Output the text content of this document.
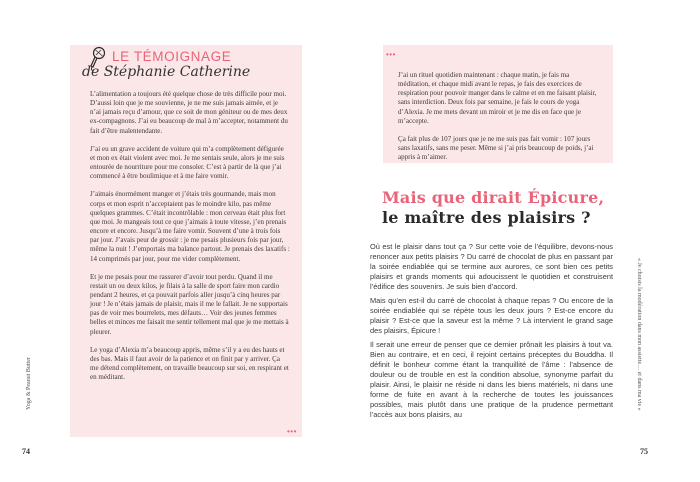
LE TÉMOIGNAGE
de Stéphanie Catherine

L’alimentation a toujours été quelque chose de très difficile pour moi. D’aussi loin que je me souvienne, je ne me suis jamais aimée, et je n’ai jamais reçu d’amour, que ce soit de mon géniteur ou de mes deux ex-compagnons. J’ai eu beaucoup de mal à m’accepter, notamment du fait d’être malentendante.

J’ai eu un grave accident de voiture qui m’a complètement défigurée et mon ex était violent avec moi. Je me sentais seule, alors je me suis entourée de nourriture pour me consoler. C’est à partir de là que j’ai commencé à être boulimique et à me faire vomir.

J’aimais énormément manger et j’étais très gourmande, mais mon corps et mon esprit n’acceptaient pas le moindre kilo, pas même quelques grammes. C’était incontrôlable : mon cerveau était plus fort que moi. Je mangeais tout ce que j’aimais à toute vitesse, j’en prenais encore et encore. Jusqu’à me faire vomir. Souvent d’une à trois fois par jour. J’avais peur de grossir : je me pesais plusieurs fois par jour, même la nuit ! J’emportais ma balance partout. Je prenais des laxatifs : 14 comprimés par jour, pour me vider complètement.

Et je me pesais pour me rassurer d’avoir tout perdu. Quand il me restait un ou deux kilos, je filais à la salle de sport faire mon cardio pendant 2 heures, et ça pouvait parfois aller jusqu’à cinq heures par jour ! Je n’étais jamais de plaisir, mais il me le fallait. Je ne supportais pas de voir mes bourrelets, mes défauts… Voir des jeunes femmes belles et minces me faisait me sentir tellement mal que je me mettais à pleurer.

Le yoga d’Alexia m’a beaucoup appris, même s’il y a eu des hauts et des bas. Mais il faut avoir de la patience et on finit par y arriver. Ça me détend complètement, on travaille beaucoup sur soi, en respirant et en méditant.

•••
Yoga & Peanut Butter
74
•••

J’ai un rituel quotidien maintenant : chaque matin, je fais ma méditation, et chaque midi avant le repas, je fais des exercices de respiration pour pouvoir manger dans le calme et en me faisant plaisir, sans interdiction. Deux fois par semaine, je fais le cours de yoga d’Alexia. Je me mets devant un miroir et je me dis en face que je m’accepte.

Ça fait plus de 107 jours que je ne me suis pas fait vomir : 107 jours sans laxatifs, sans me peser. Même si j’ai pris beaucoup de poids, j’ai appris à m’aimer.

Mais que dirait Épicure,
le maître des plaisirs ?

Où est le plaisir dans tout ça ? Sur cette voie de l’équilibre, devons-nous renoncer aux petits plaisirs ? Du carré de chocolat de plus en passant par la soirée endiablée qui se termine aux aurores, ce sont bien ces petits plaisirs et grands moments qui adoucissent le quotidien et construisent l’édifice des souvenirs. Je suis bien d’accord.

Mais qu’en est-il du carré de chocolat à chaque repas ? Ou encore de la soirée endiablée qui se répète tous les deux jours ? Est-ce encore du plaisir ? Est-ce que la saveur est la même ? Là intervient le grand sage des plaisirs, Épicure !

Il serait une erreur de penser que ce dernier prônait les plaisirs à tout va. Bien au contraire, et en ceci, il rejoint certains préceptes du Bouddha. Il définit le bonheur comme étant la tranquillité de l’âme : l’absence de douleur ou de trouble en est la condition absolue, synonyme parfait du plaisir. Ainsi, le plaisir ne réside ni dans les biens matériels, ni dans une forme de fuite en avant à la recherche de toutes les jouissances possibles, mais plutôt dans une pratique de la prudence permettant l’accès aux bons plaisirs, au

« Je choisis la modération dans mon assiette… et dans ma vie »
75
